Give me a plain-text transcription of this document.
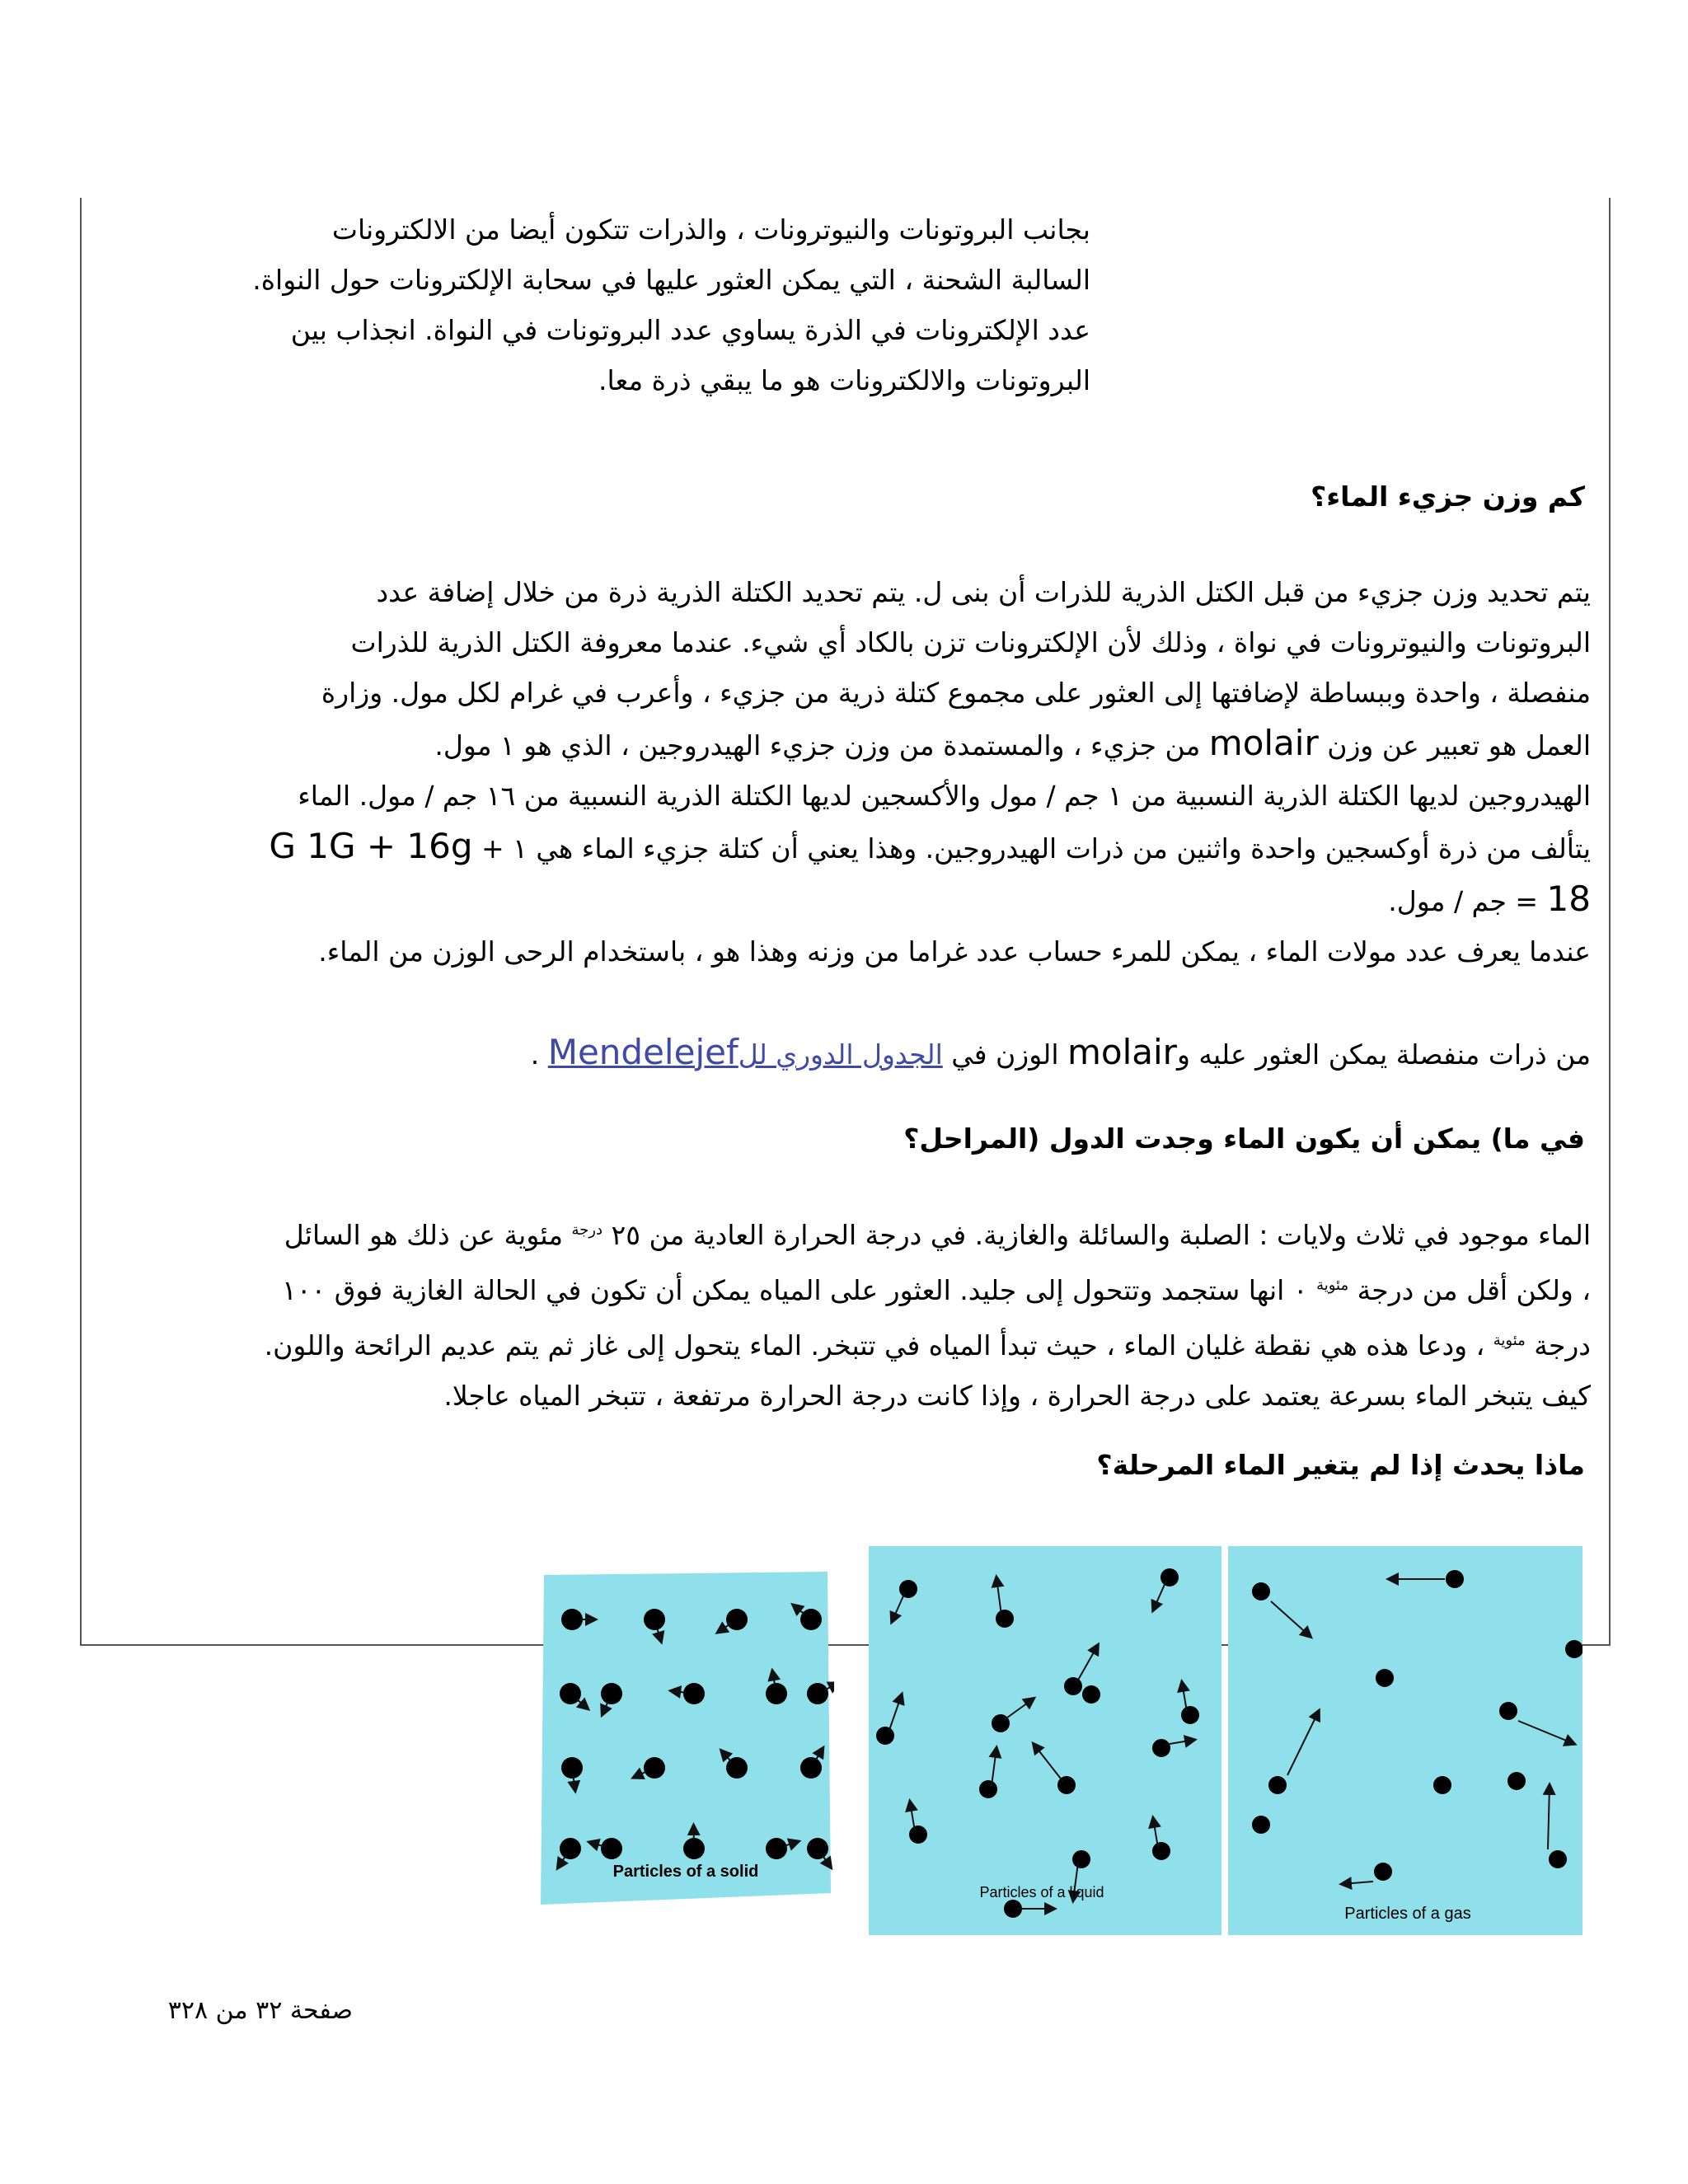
بجانب البروتونات والنيوترونات ، والذرات تتكون أيضا من الالكترونات
السالبة الشحنة ، التي يمكن العثور عليها في سحابة الإلكترونات حول النواة.
عدد الإلكترونات في الذرة يساوي عدد البروتونات في النواة. انجذاب بين
البروتونات والالكترونات هو ما يبقي ذرة معا.
كم وزن جزيء الماء؟
يتم تحديد وزن جزيء من قبل الكتل الذرية للذرات أن بنى ل. يتم تحديد الكتلة الذرية ذرة من خلال إضافة عدد
البروتونات والنيوترونات في نواة ، وذلك لأن الإلكترونات تزن بالكاد أي شيء. عندما معروفة الكتل الذرية للذرات
منفصلة ، واحدة وببساطة لإضافتها إلى العثور على مجموع كتلة ذرية من جزيء ، وأعرب في غرام لكل مول. وزارة
العمل هو تعبير عن وزن molair من جزيء ، والمستمدة من وزن جزيء الهيدروجين ، الذي هو ١ مول.
الهيدروجين لديها الكتلة الذرية النسبية من ١ جم / مول والأكسجين لديها الكتلة الذرية النسبية من ١٦ جم / مول. الماء
يتألف من ذرة أوكسجين واحدة واثنين من ذرات الهيدروجين. وهذا يعني أن كتلة جزيء الماء هي ١ + G 1G + 16g
18 = جم / مول.
عندما يعرف عدد مولات الماء ، يمكن للمرء حساب عدد غراما من وزنه وهذا هو ، باستخدام الرحى الوزن من الماء.
من ذرات منفصلة يمكن العثور عليه وmolair الوزن في الجدول الدوري للMendelejef .
في ما) يمكن أن يكون الماء وجدت الدول (المراحل؟
الماء موجود في ثلاث ولايات : الصلبة والسائلة والغازية. في درجة الحرارة العادية من ٢٥ $^{درجة}$ مئوية عن ذلك هو السائل
، ولكن أقل من درجة $^{مئوية}$ ٠ انها ستجمد وتتحول إلى جليد. العثور على المياه يمكن أن تكون في الحالة الغازية فوق ١٠٠
درجة $^{مئوية}$ ، ودعا هذه هي نقطة غليان الماء ، حيث تبدأ المياه في تتبخر. الماء يتحول إلى غاز ثم يتم عديم الرائحة واللون.
كيف يتبخر الماء بسرعة يعتمد على درجة الحرارة ، وإذا كانت درجة الحرارة مرتفعة ، تتبخر المياه عاجلا.
ماذا يحدث إذا لم يتغير الماء المرحلة؟
Particles of a solid
Particles of a liquid
Particles of a gas
صفحة ٣٢ من ٣٢٨
